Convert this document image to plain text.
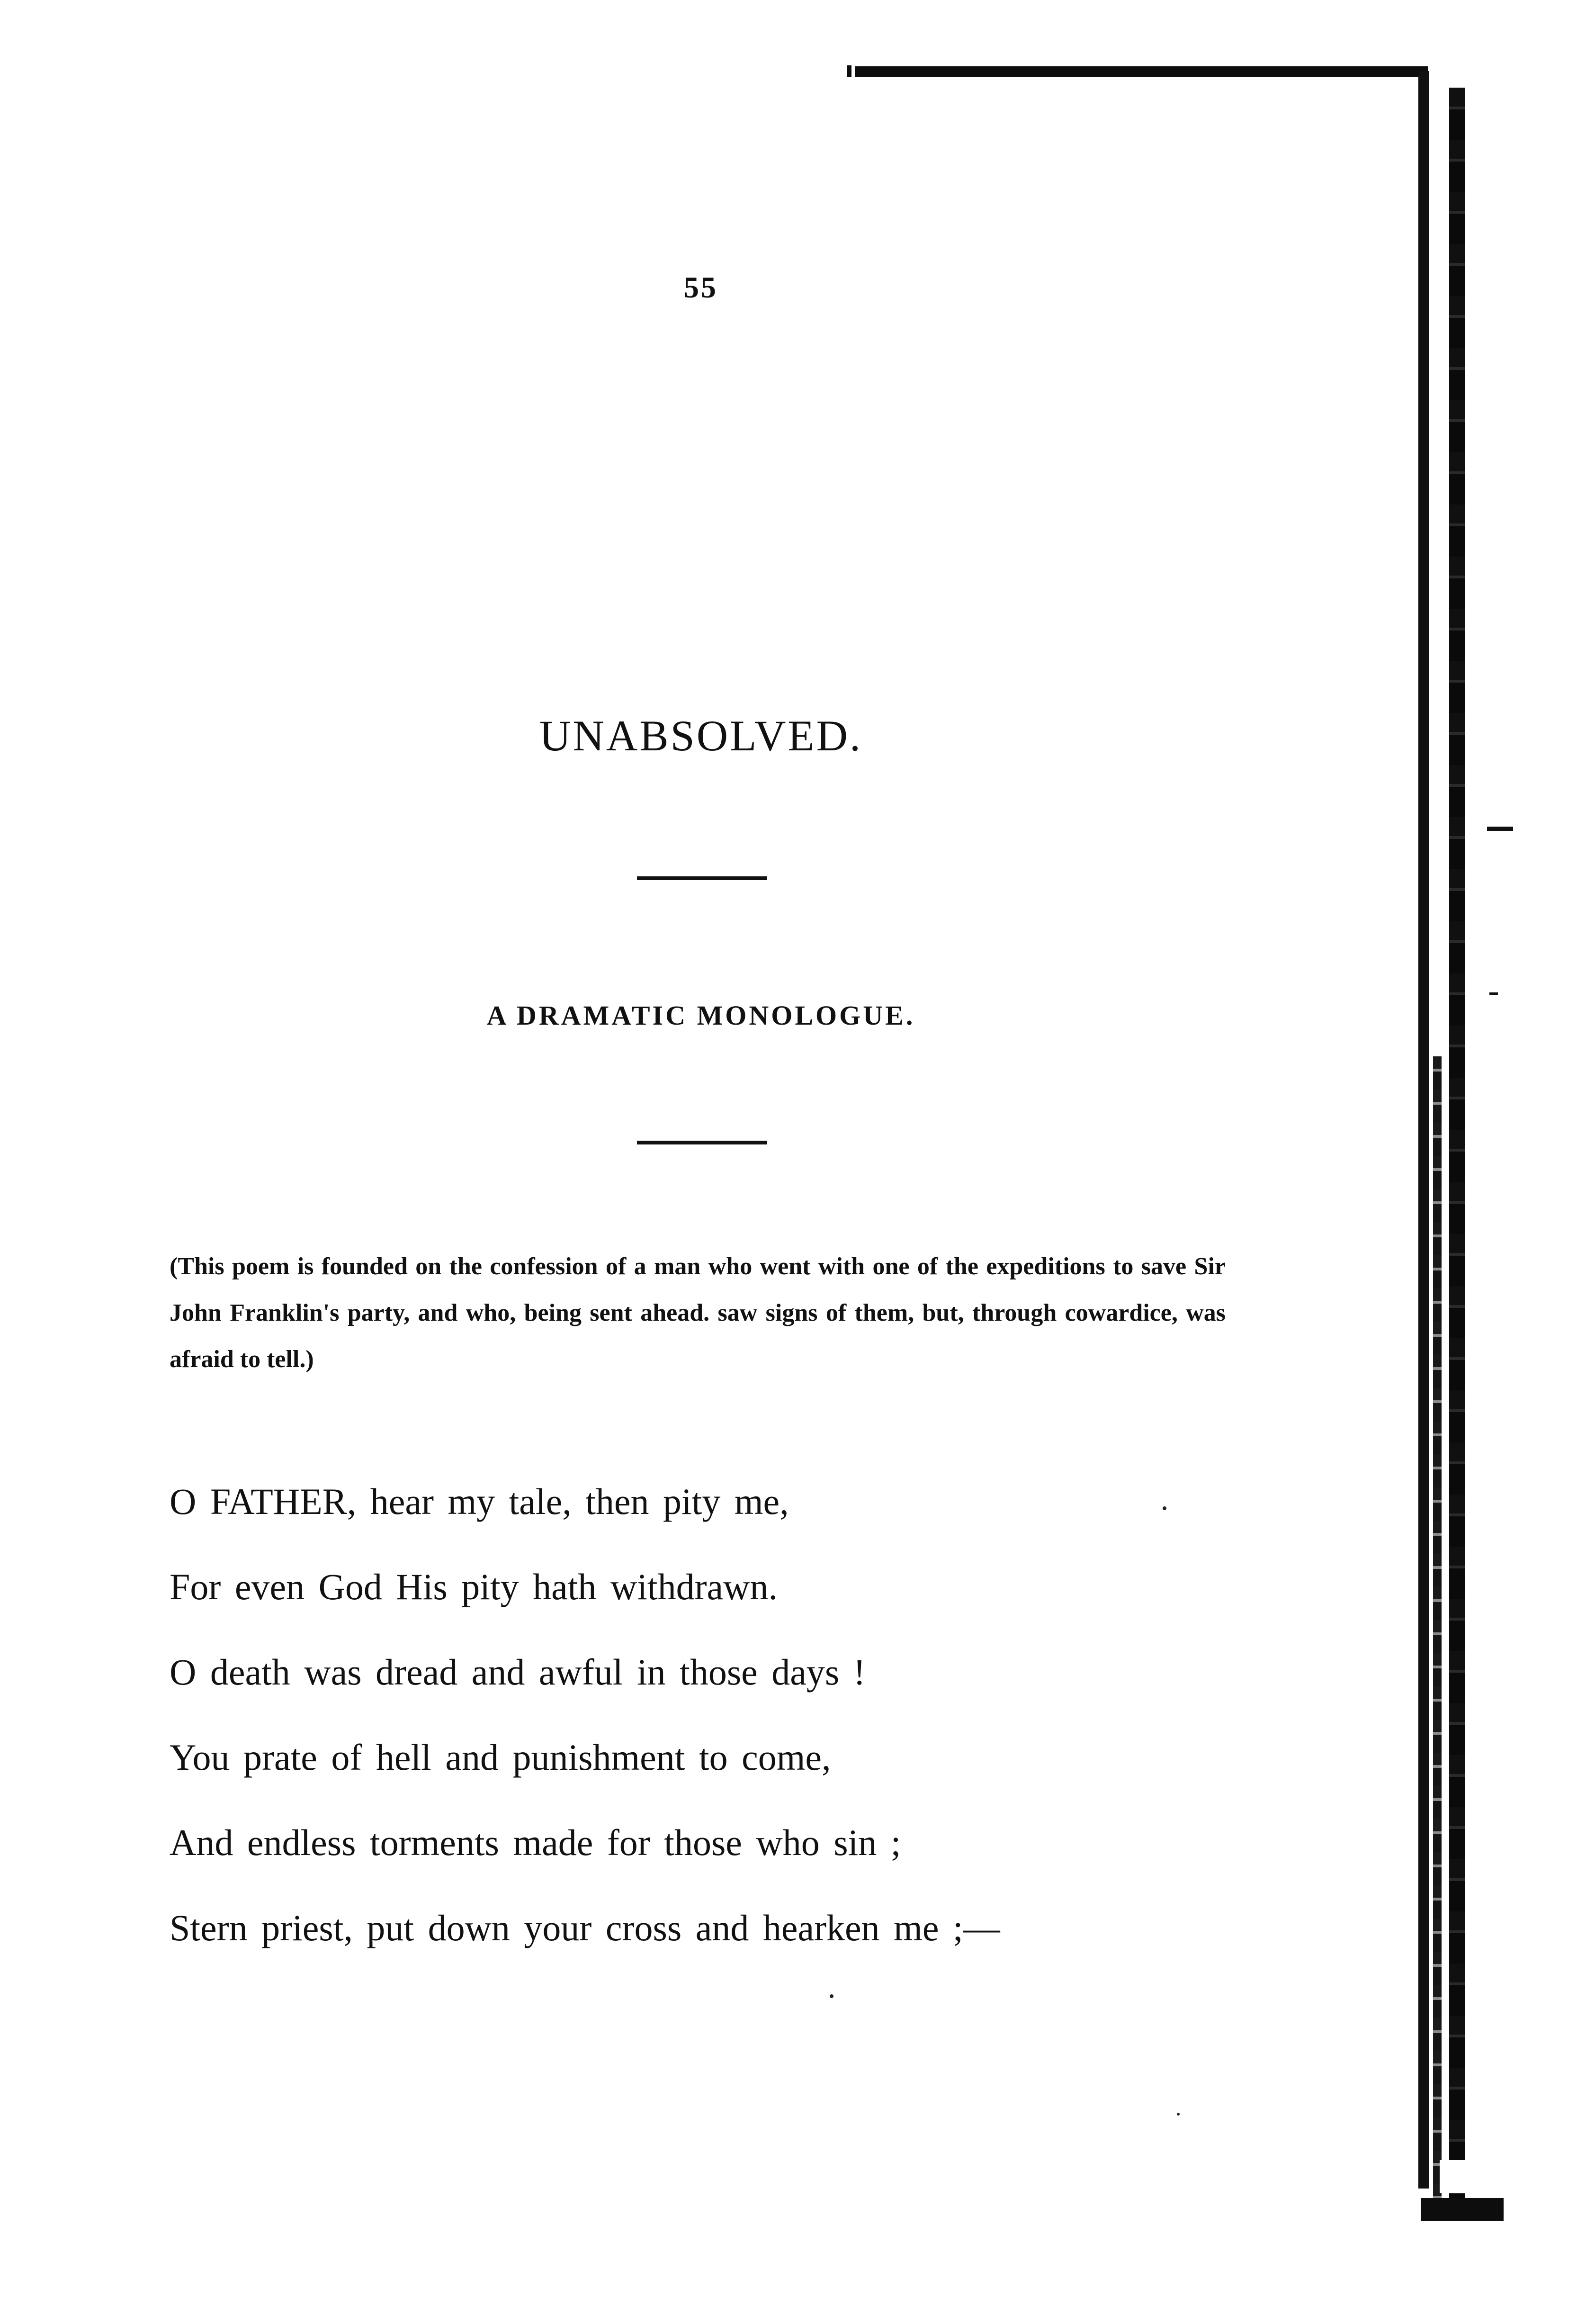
55
UNABSOLVED.
A DRAMATIC MONOLOGUE.
(This poem is founded on the confession of a man who went with one of the expeditions to save Sir John Franklin's party, and who, being sent ahead. saw signs of them, but, through cowardice, was afraid to tell.)
O FATHER, hear my tale, then pity me,
For even God His pity hath withdrawn.
O death was dread and awful in those days !
You prate of hell and punishment to come,
And endless torments made for those who sin ;
Stern priest, put down your cross and hearken me ;—
